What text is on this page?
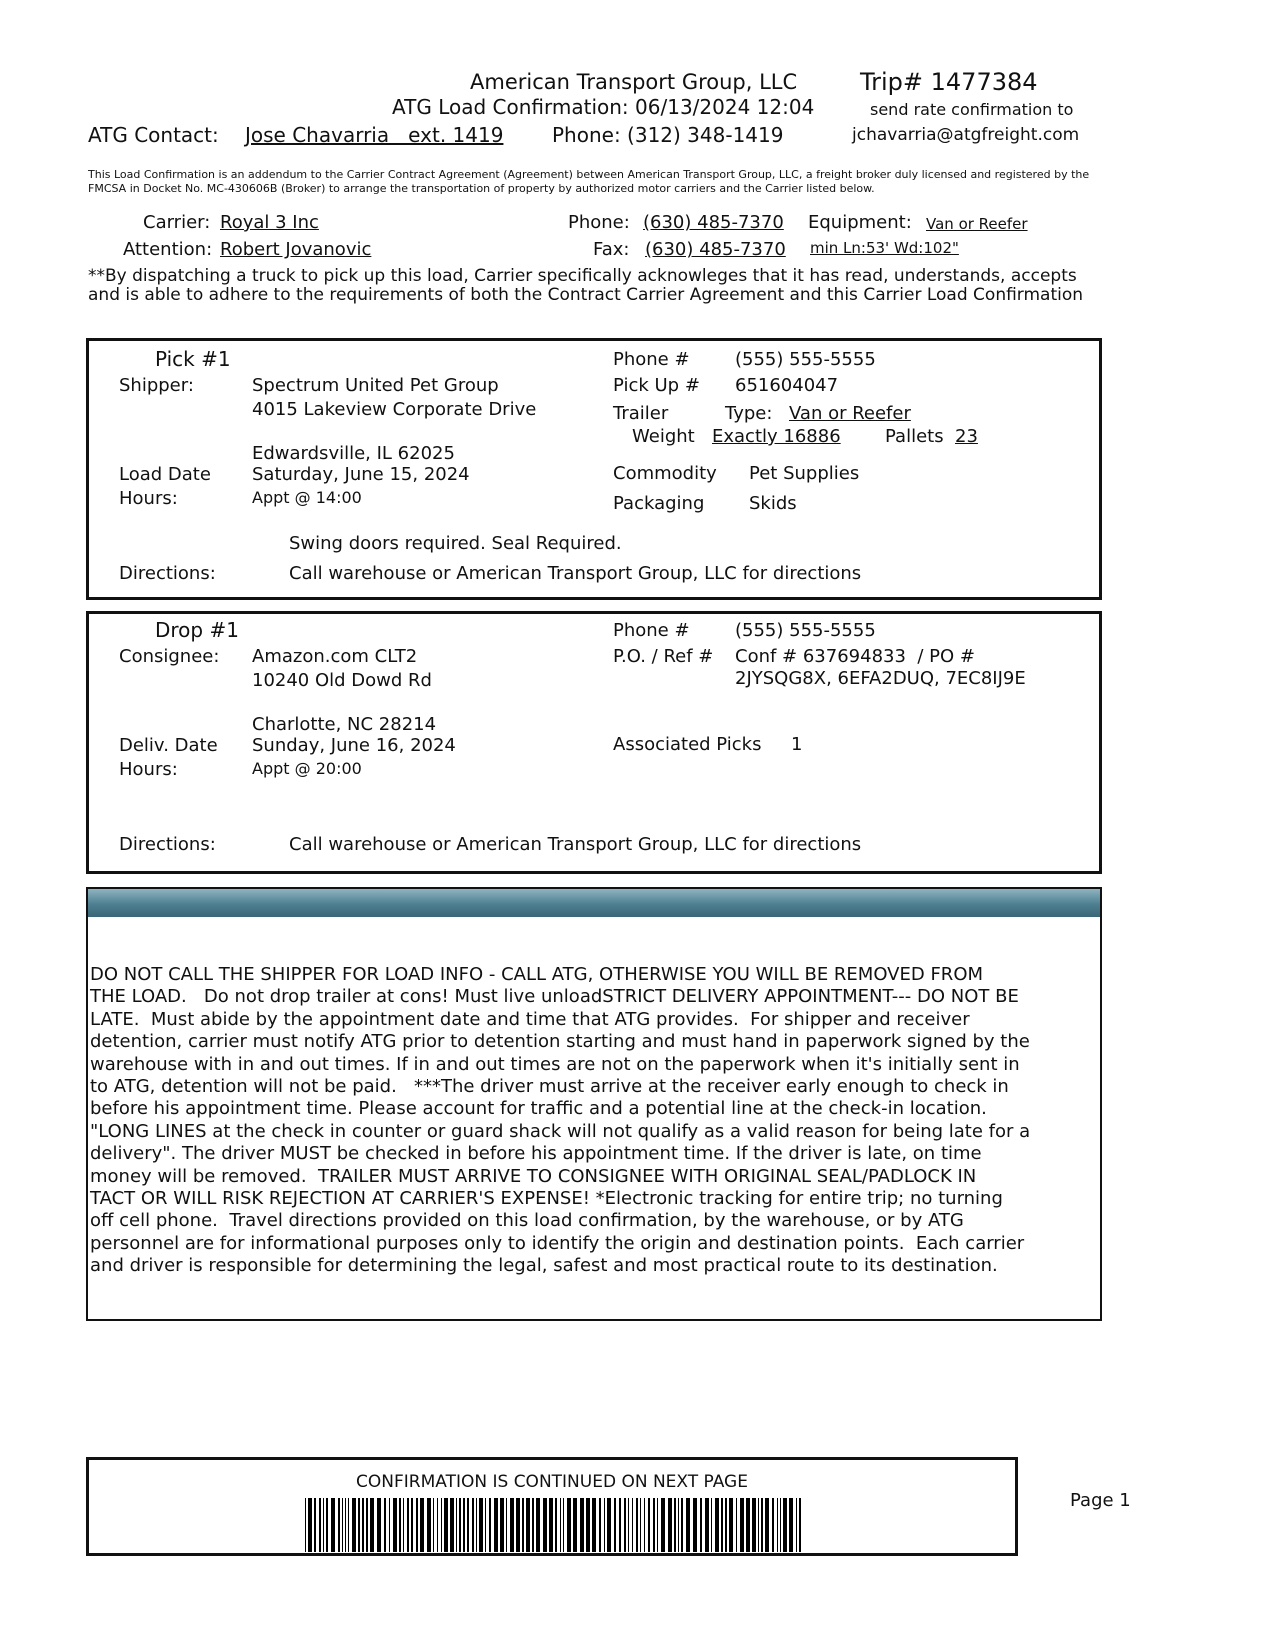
American Transport Group, LLC	Trip# 1477384
ATG Load Confirmation: 06/13/2024 12:04	send rate confirmation to
ATG Contact: Jose Chavarria   ext. 1419 Phone: (312) 348-1419	jchavarria@atgfreight.com
This Load Confirmation is an addendum to the Carrier Contract Agreement (Agreement) between American Transport Group, LLC, a freight broker duly licensed and registered by the FMCSA in Docket No. MC-430606B (Broker) to arrange the transportation of property by authorized motor carriers and the Carrier listed below.
Carrier: Royal 3 Inc
Attention: Robert Jovanovic
Phone: (630) 485-7370
Fax: (630) 485-7370
Equipment: Van or Reefer
min Ln:53' Wd:102"
**By dispatching a truck to pick up this load, Carrier specifically acknowleges that it has read, understands, accepts
and is able to adhere to the requirements of both the Contract Carrier Agreement and this Carrier Load Confirmation
Pick #1
Shipper:	Spectrum United Pet Group
4015 Lakeview Corporate Drive
Edwardsville, IL 62025
Load Date Saturday, June 15, 2024
Hours:	Appt @ 14:00
Phone #	(555) 555-5555
Pick Up # 651604047
Trailer	Type: Van or Reefer
Weight Exactly 16886 Pallets 23
Commodity Pet Supplies
Packaging Skids
Swing doors required. Seal Required.
Directions:	Call warehouse or American Transport Group, LLC for directions
Drop #1
Consignee: Amazon.com CLT2
10240 Old Dowd Rd
Charlotte, NC 28214
Deliv. Date Sunday, June 16, 2024
Hours:	Appt @ 20:00
Phone #	(555) 555-5555
P.O. / Ref # Conf # 637694833  / PO #
2JYSQG8X, 6EFA2DUQ, 7EC8IJ9E
Associated Picks 1
Directions:	Call warehouse or American Transport Group, LLC for directions
DO NOT CALL THE SHIPPER FOR LOAD INFO - CALL ATG, OTHERWISE YOU WILL BE REMOVED FROM
THE LOAD.   Do not drop trailer at cons! Must live unloadSTRICT DELIVERY APPOINTMENT--- DO NOT BE
LATE.  Must abide by the appointment date and time that ATG provides.  For shipper and receiver
detention, carrier must notify ATG prior to detention starting and must hand in paperwork signed by the
warehouse with in and out times. If in and out times are not on the paperwork when it's initially sent in
to ATG, detention will not be paid.   ***The driver must arrive at the receiver early enough to check in
before his appointment time. Please account for traffic and a potential line at the check-in location.
"LONG LINES at the check in counter or guard shack will not qualify as a valid reason for being late for a
delivery". The driver MUST be checked in before his appointment time. If the driver is late, on time
money will be removed.  TRAILER MUST ARRIVE TO CONSIGNEE WITH ORIGINAL SEAL/PADLOCK IN
TACT OR WILL RISK REJECTION AT CARRIER'S EXPENSE! *Electronic tracking for entire trip; no turning
off cell phone.  Travel directions provided on this load confirmation, by the warehouse, or by ATG
personnel are for informational purposes only to identify the origin and destination points.  Each carrier
and driver is responsible for determining the legal, safest and most practical route to its destination.
CONFIRMATION IS CONTINUED ON NEXT PAGE
Page 1
